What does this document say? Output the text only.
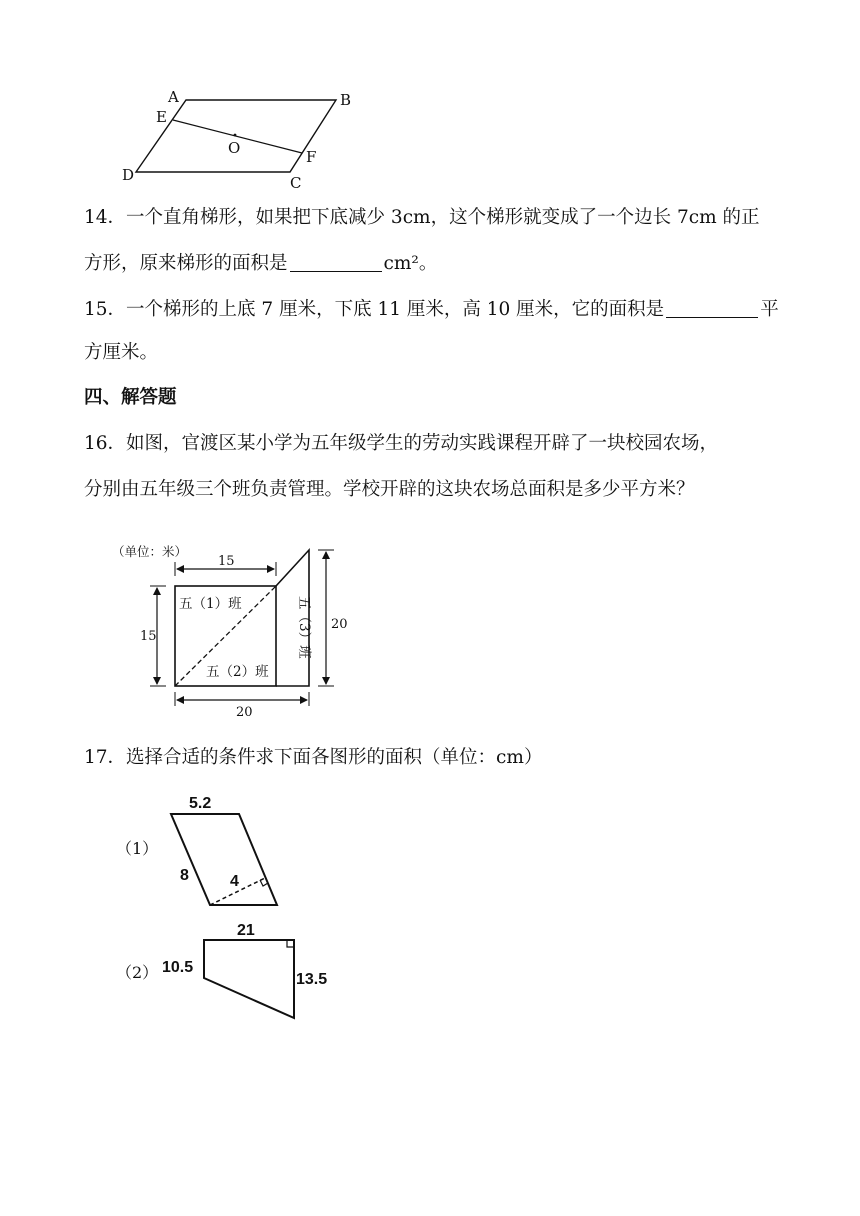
A	B
C
D
E
F
O
14．一个直角梯形，如果把下底减少 3cm，这个梯形就变成了一个边长 7cm 的正
方形，原来梯形的面积是	cm²。
15．一个梯形的上底 7 厘米，下底 11 厘米，高 10 厘米，它的面积是	平
方厘米。
四、解答题
16．如图，官渡区某小学为五年级学生的劳动实践课程开辟了一块校园农场，
分别由五年级三个班负责管理。学校开辟的这块农场总面积是多少平方米？
（单位：米）
15
15
20
20
五（1）班
五（2）班
五（3）班
17．选择合适的条件求下面各图形的面积（单位：cm）
（1）
5.2
8	4
（2）
21
10.5
13.5
